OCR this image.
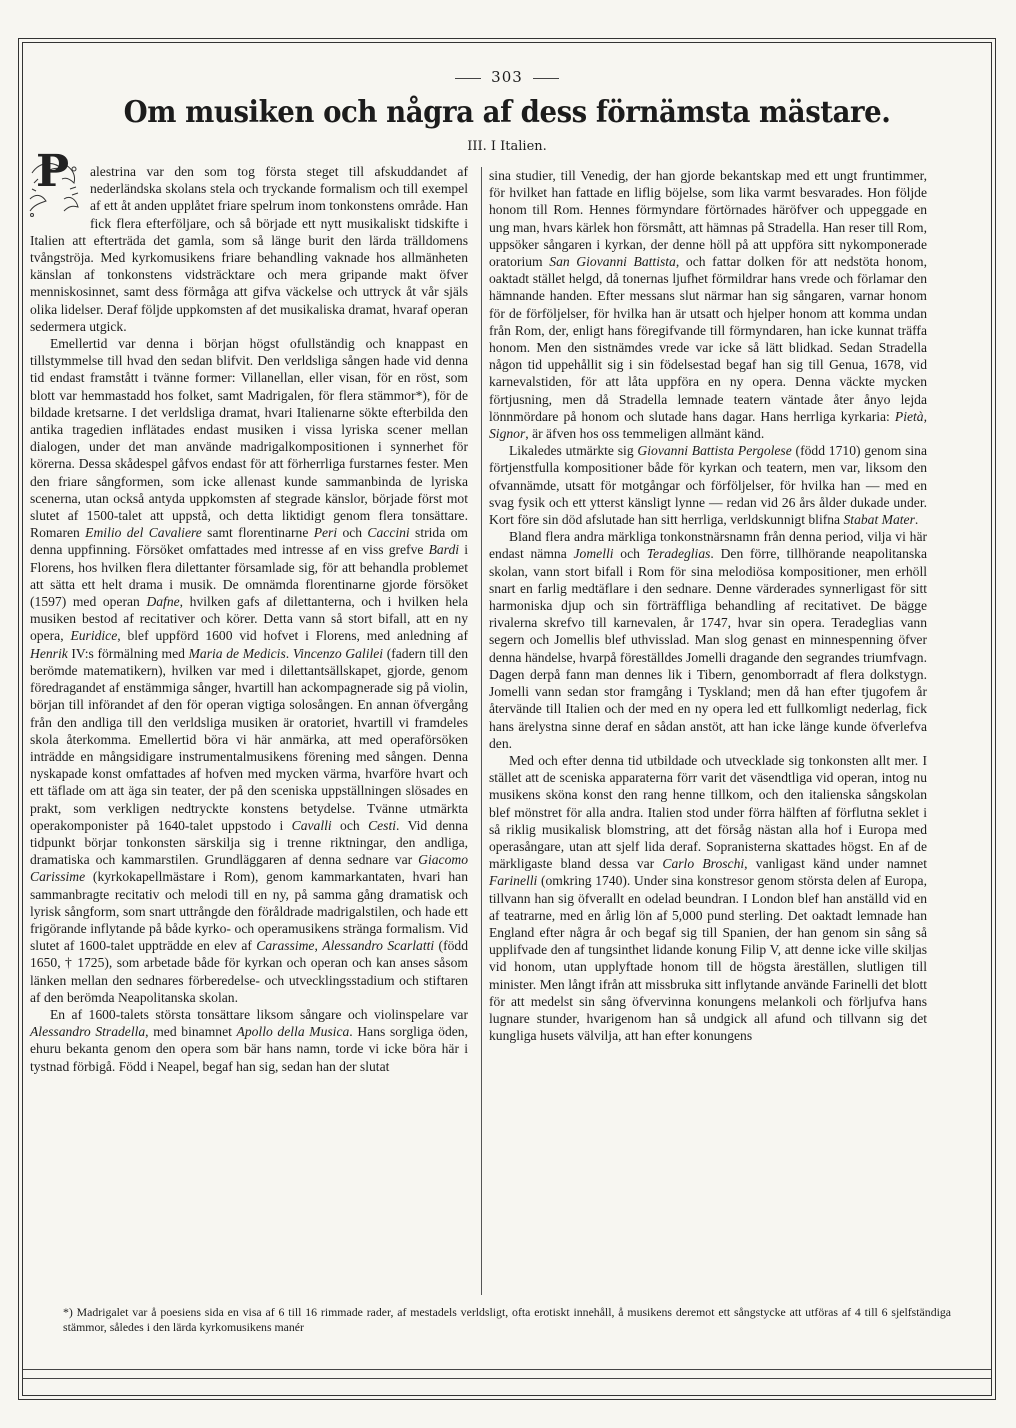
303
Om musiken och några af dess förnämsta mästare.
III. I Italien.

P alestrina var den som tog första steget till afskuddandet af nederländska skolans stela och tryckande formalism och till exempel af ett åt anden upplåtet friare spelrum inom tonkonstens område. Han fick flera efterföljare, och så började ett nytt musikaliskt tidskifte i Italien att efterträda det gamla, som så länge burit den lärda trälldomens tvångströja. Med kyrkomusikens friare behandling vaknade hos allmänheten känslan af tonkonstens vidsträcktare och mera gripande makt öfver menniskosinnet, samt dess förmåga att gifva väckelse och uttryck åt vår själs olika lidelser. Deraf följde uppkomsten af det musikaliska dramat, hvaraf operan sedermera utgick.

Emellertid var denna i början högst ofullständig och knappast en tillstymmelse till hvad den sedan blifvit. Den verldsliga sången hade vid denna tid endast framstått i tvänne former: Villanellan, eller visan, för en röst, som blott var hemmastadd hos folket, samt Madrigalen, för flera stämmor*), för de bildade kretsarne. I det verldsliga dramat, hvari Italienarne sökte efterbilda den antika tragedien inflätades endast musiken i vissa lyriska scener mellan dialogen, under det man använde madrigalkompositionen i synnerhet för körerna. Dessa skådespel gåfvos endast för att förherrliga furstarnes fester. Men den friare sångformen, som icke allenast kunde sammanbinda de lyriska scenerna, utan också antyda uppkomsten af stegrade känslor, började först mot slutet af 1500-talet att uppstå, och detta liktidigt genom flera tonsättare. Romaren Emilio del Cavaliere samt florentinarne Peri och Caccini strida om denna uppfinning. Försöket omfattades med intresse af en viss grefve Bardi i Florens, hos hvilken flera dilettanter församlade sig, för att behandla problemet att sätta ett helt drama i musik. De omnämda florentinarne gjorde försöket (1597) med operan Dafne, hvilken gafs af dilettanterna, och i hvilken hela musiken bestod af recitativer och körer. Detta vann så stort bifall, att en ny opera, Euridice, blef uppförd 1600 vid hofvet i Florens, med anledning af Henrik IV:s förmälning med Maria de Medicis. Vincenzo Galilei (fadern till den berömde matematikern), hvilken var med i dilettantsällskapet, gjorde, genom föredragandet af enstämmiga sånger, hvartill han ackompagnerade sig på violin, början till införandet af den för operan vigtiga solosången. En annan öfvergång från den andliga till den verldsliga musiken är oratoriet, hvartill vi framdeles skola återkomma. Emellertid böra vi här anmärka, att med operaförsöken inträdde en mångsidigare instrumentalmusikens förening med sången. Denna nyskapade konst omfattades af hofven med mycken värma, hvarföre hvart och ett täflade om att äga sin teater, der på den sceniska uppställningen slösades en prakt, som verkligen nedtryckte konstens betydelse. Tvänne utmärkta operakomponister på 1640-talet uppstodo i Cavalli och Cesti. Vid denna tidpunkt börjar tonkonsten särskilja sig i trenne riktningar, den andliga, dramatiska och kammarstilen. Grundläggaren af denna sednare var Giacomo Carissime (kyrkokapellmästare i Rom), genom kammarkantaten, hvari han sammanbragte recitativ och melodi till en ny, på samma gång dramatisk och lyrisk sångform, som snart uttrångde den föråldrade madrigalstilen, och hade ett frigörande inflytande på både kyrko- och operamusikens stränga formalism. Vid slutet af 1600-talet uppträdde en elev af Carassime, Alessandro Scarlatti (född 1650, † 1725), som arbetade både för kyrkan och operan och kan anses såsom länken mellan den sednares förberedelse- och utvecklingsstadium och stiftaren af den berömda Neapolitanska skolan.

En af 1600-talets största tonsättare liksom sångare och violinspelare var Alessandro Stradella, med binamnet Apollo della Musica. Hans sorgliga öden, ehuru bekanta genom den opera som bär hans namn, torde vi icke böra här i tystnad förbigå. Född i Neapel, begaf han sig, sedan han der slutat

sina studier, till Venedig, der han gjorde bekantskap med ett ungt fruntimmer, för hvilket han fattade en liflig böjelse, som lika varmt besvarades. Hon följde honom till Rom. Hennes förmyndare förtörnades häröfver och uppeggade en ung man, hvars kärlek hon försmått, att hämnas på Stradella. Han reser till Rom, uppsöker sångaren i kyrkan, der denne höll på att uppföra sitt nykomponerade oratorium San Giovanni Battista, och fattar dolken för att nedstöta honom, oaktadt stället helgd, då tonernas ljufhet förmildrar hans vrede och förlamar den hämnande handen. Efter messans slut närmar han sig sångaren, varnar honom för de förföljelser, för hvilka han är utsatt och hjelper honom att komma undan från Rom, der, enligt hans föregifvande till förmyndaren, han icke kunnat träffa honom. Men den sistnämdes vrede var icke så lätt blidkad. Sedan Stradella någon tid uppehållit sig i sin födelsestad begaf han sig till Genua, 1678, vid karnevalstiden, för att låta uppföra en ny opera. Denna väckte mycken förtjusning, men då Stradella lemnade teatern väntade åter ånyo lejda lönnmördare på honom och slutade hans dagar. Hans herrliga kyrkaria: Pietà, Signor, är äfven hos oss temmeligen allmänt känd.

Likaledes utmärkte sig Giovanni Battista Pergolese (född 1710) genom sina förtjenstfulla kompositioner både för kyrkan och teatern, men var, liksom den ofvannämde, utsatt för motgångar och förföljelser, för hvilka han — med en svag fysik och ett ytterst känsligt lynne — redan vid 26 års ålder dukade under. Kort före sin död afslutade han sitt herrliga, verldskunnigt blifna Stabat Mater.

Bland flera andra märkliga tonkonstnärsnamn från denna period, vilja vi här endast nämna Jomelli och Teradeglias. Den förre, tillhörande neapolitanska skolan, vann stort bifall i Rom för sina melodiösa kompositioner, men erhöll snart en farlig medtäflare i den sednare. Denne värderades synnerligast för sitt harmoniska djup och sin förträffliga behandling af recitativet. De bägge rivalerna skrefvo till karnevalen, år 1747, hvar sin opera. Teradeglias vann segern och Jomellis blef uthvisslad. Man slog genast en minnespenning öfver denna händelse, hvarpå föreställdes Jomelli dragande den segrandes triumfvagn. Dagen derpå fann man dennes lik i Tibern, genomborradt af flera dolkstygn. Jomelli vann sedan stor framgång i Tyskland; men då han efter tjugofem år återvände till Italien och der med en ny opera led ett fullkomligt nederlag, fick hans ärelystna sinne deraf en sådan anstöt, att han icke länge kunde öfverlefva den.

Med och efter denna tid utbildade och utvecklade sig tonkonsten allt mer. I stället att de sceniska apparaterna förr varit det väsendtliga vid operan, intog nu musikens sköna konst den rang henne tillkom, och den italienska sångskolan blef mönstret för alla andra. Italien stod under förra hälften af förflutna seklet i så riklig musikalisk blomstring, att det försåg nästan alla hof i Europa med operasångare, utan att sjelf lida deraf. Sopranisterna skattades högst. En af de märkligaste bland dessa var Carlo Broschi, vanligast känd under namnet Farinelli (omkring 1740). Under sina konstresor genom största delen af Europa, tillvann han sig öfverallt en odelad beundran. I London blef han anställd vid en af teatrarne, med en årlig lön af 5,000 pund sterling. Det oaktadt lemnade han England efter några år och begaf sig till Spanien, der han genom sin sång så upplifvade den af tungsinthet lidande konung Filip V, att denne icke ville skiljas vid honom, utan upplyftade honom till de högsta äreställen, slutligen till minister. Men långt ifrån att missbruka sitt inflytande använde Farinelli det blott för att medelst sin sång öfvervinna konungens melankoli och förljufva hans lugnare stunder, hvarigenom han så undgick all afund och tillvann sig det kungliga husets välvilja, att han efter konungens

*) Madrigalet var å poesiens sida en visa af 6 till 16 rimmade rader, af mestadels verldsligt, ofta erotiskt innehåll, å musikens deremot ett sångstycke att utföras af 4 till 6 sjelfständiga stämmor, således i den lärda kyrkomusikens manér
